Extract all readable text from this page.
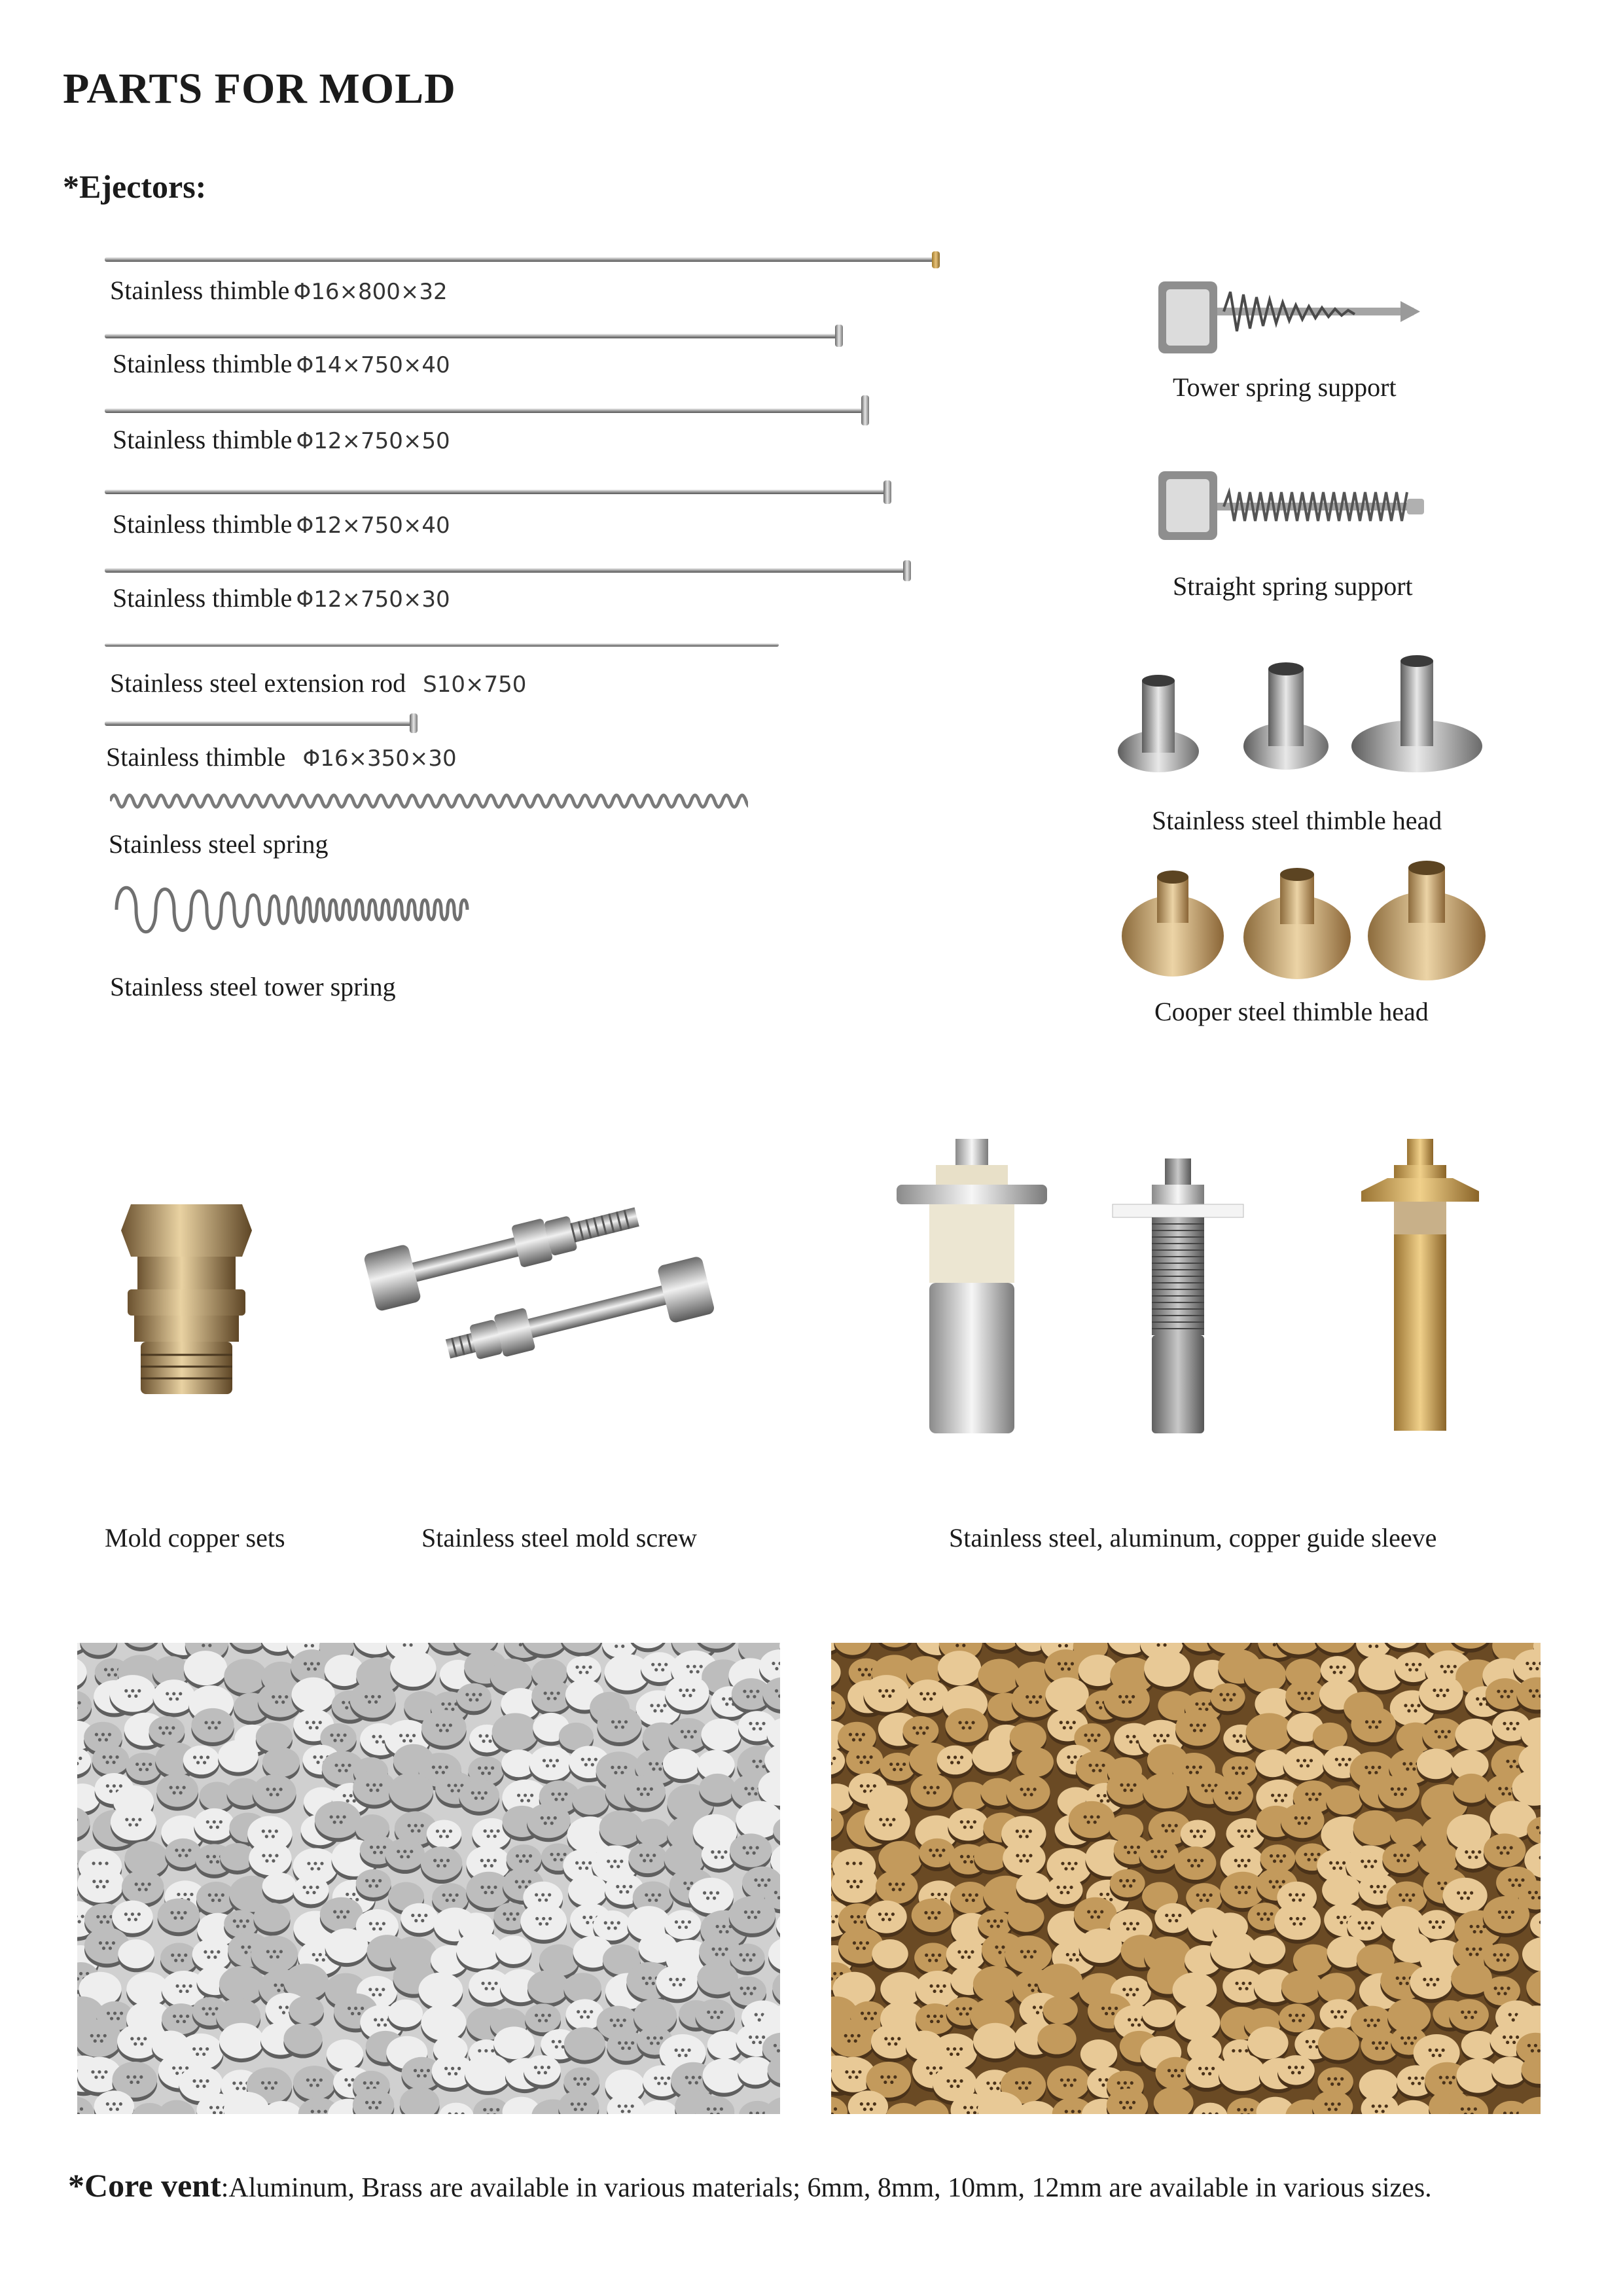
PARTS FOR MOLD
*Ejectors:
Stainless thimble Φ16×800×32
Stainless thimble Φ14×750×40
Stainless thimble Φ12×750×50
Stainless thimble Φ12×750×40
Stainless thimble Φ12×750×30
Stainless steel extension rod S10×750
Stainless thimble Φ16×350×30
Stainless steel spring
Stainless steel tower spring
Tower spring support
Straight spring support
Stainless steel thimble head
Cooper steel thimble head
Mold copper sets	Stainless steel mold screw	Stainless steel, aluminum, copper guide sleeve
*Core vent:Aluminum, Brass are available in various materials; 6mm, 8mm, 10mm, 12mm are available in various sizes.
